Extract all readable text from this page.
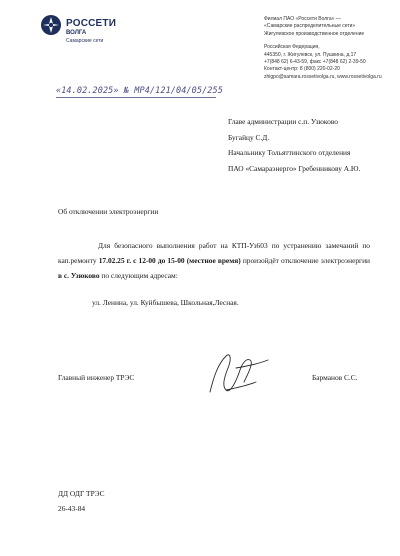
РОССЕТИ
ВОЛГА
Самарские сети
Филиал ПАО «Россети Волга» —
«Самарские распределительные сети»
Жигулевское производственное отделение
Российская Федерация,
445350, г. Жигулевск, ул. Пушкина, д.17
+7(848 62) 6-43-59, факс +7(848 62) 2-39-50
Контакт-центр: 8 (800) 220-02-20
zhigpo@samara.rossetivolga.ru, www.rossetivolga.ru
«14.02.2025» № МР4/121/04/05/255
Главе администрации с.п. Узюково
Бугайцу С.Д.
Начальнику Тольяттинского отделения
ПАО «Самараэнерго» Гребенникову А.Ю.
Об отключении электроэнергии

Для безопасного выполнения работ на КТП-Уз603 по устранению замечаний по кап.ремонту 17.02.25 г. с 12-00 до 15-00 (местное время) произойдёт отключение электроэнергии в с. Узюково по следующим адресам:

ул. Ленина, ул. Куйбышева, Школьная,Лесная.
Главный инженер ТРЭС	Барманов С.С.
ДД ОДГ ТРЭС
26-43-84
